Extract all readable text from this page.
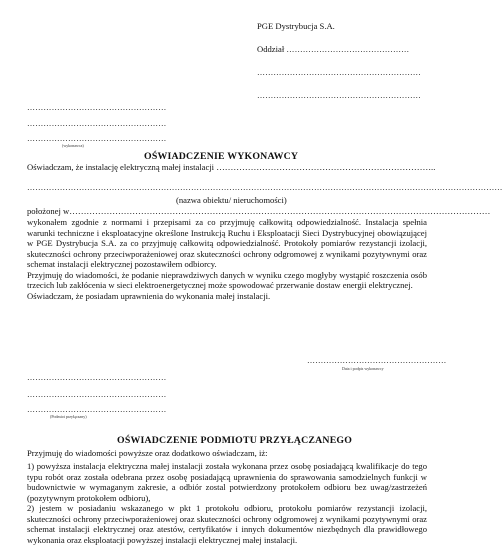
PGE Dystrybucja S.A.
Oddział ………………………………………
……………………………………………………
……………………………………………………
……………………………………………
……………………………………………
……………………………………………
(wykonawca)
OŚWIADCZENIE WYKONAWCY
Oświadczam, że instalację elektryczną małej instalacji …………………………………………………………………..
…………………………………………………………………………………………………………………………………………………………
(nazwa obiektu/ nieruchomości)
położonej w…………………………………………………………………………………………………………………………………
wykonałem zgodnie z normami i przepisami za co przyjmuję całkowitą odpowiedzialność. Instalacja spełnia warunki techniczne i eksploatacyjne określone Instrukcją Ruchu i Eksploatacji Sieci Dystrybucyjnej obowiązującej w PGE Dystrybucja S.A. za co przyjmuję całkowitą odpowiedzialność. Protokoły pomiarów rezystancji izolacji, skuteczności ochrony przeciwporażeniowej oraz skuteczności ochrony odgromowej z wynikami pozytywnymi oraz schemat instalacji elektrycznej pozostawiłem odbiorcy.
Przyjmuję do wiadomości, że podanie nieprawdziwych danych w wyniku czego mogłyby wystąpić roszczenia osób trzecich lub zakłócenia w sieci elektroenergetycznej może spowodować przerwanie dostaw energii elektrycznej.
Oświadczam, że posiadam uprawnienia do wykonania małej instalacji.
……………………………………………
Data i podpis wykonawcy
……………………………………………
……………………………………………
……………………………………………
(Podmiot przyłączany)
OŚWIADCZENIE PODMIOTU PRZYŁĄCZANEGO
Przyjmuję do wiadomości powyższe oraz dodatkowo oświadczam, iż:
1) powyższa instalacja elektryczna małej instalacji została wykonana przez osobę posiadającą kwalifikacje do tego typu robót oraz została odebrana przez osobę posiadającą uprawnienia do sprawowania samodzielnych funkcji w budownictwie w wymaganym zakresie, a odbiór zostal potwierdzony protokołem odbioru bez uwag/zastrzeżeń (pozytywnym protokołem odbioru),
2) jestem w posiadaniu wskazanego w pkt 1 protokołu odbioru, protokołu pomiarów rezystancji izolacji, skuteczności ochrony przeciwporażeniowej oraz skuteczności ochrony odgromowej z wynikami pozytywnymi oraz schemat instalacji elektrycznej oraz atestów, certyfikatów i innych dokumentów niezbędnych dla prawidłowego wykonania oraz eksploatacji powyższej instalacji elektrycznej małej instalacji.
